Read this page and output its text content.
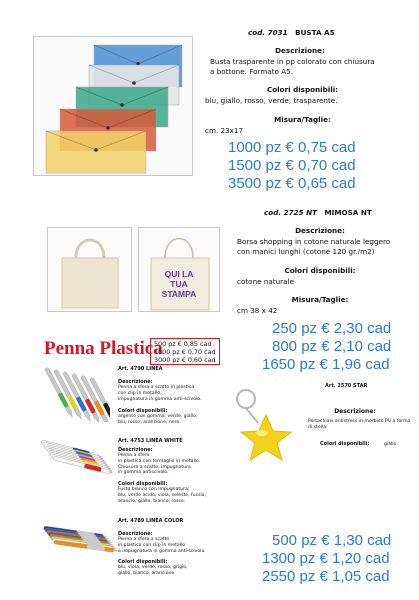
cod. 7031 BUSTA A5
Descrizione:
Busta trasparente in pp colorato con chiusura
a bottone. Formato A5.
Colori disponibili:
blu, giallo, rosso, verde, trasparente.
Misura/Taglie:
cm. 23x17
1000 pz € 0,75 cad
1500 pz € 0,70 cad
3500 pz € 0,65 cad
QUI LA
TUA
STAMPA
cod. 2725 NT MIMOSA NT
Descrizione:
Borsa shopping in cotone naturale leggero
con manici lunghi (cotone 120 gr./m2)
Colori disponibili:
cotone naturale
Misura/Taglie:
cm 38 x 42
250 pz € 2,30 cad
800 pz € 2,10 cad
1650 pz € 1,96 cad
Penna Plastica
500 pz € 0,85 cad
1000 pz € 0,70 cad
3000 pz € 0,60 cad
Art. 4790 LINEA
Descrizione:
Penna a sfera a scatto in plastica
con clip in metallo,
impugnatura in gomma anti-scivolo.
Colori disponibili:
argento con gomma: verde, giallo,
blu, rosso, arancione, nero.
Art. 4753 LINEA WHITE
Descrizione:
Penna a sfera
in plastica con fermaglio in metallo.
Chiusura a scatto, impugnatura
in gomma antiscivolo.
Colori disponibili:
Fusto bianco con impugnatura:
blu, verde acido, viola, celeste, fucsia,
arancio, giallo, bianco, rosso.
Art. 4789 LINEA COLOR
Descrizione:
Penna a sfera a scatto
in plastica con clip in metallo
e impugnatura in gomma anti-scivolo.
Colori disponibili:
blu, viola, verde, rosso, grigio,
giallo, bianco, arancione
Art. 2570 STAR
Descrizione:
Portachiavi antistress in morbido PU a forma
di stella.
Colori disponibili:	giallo
500 pz € 1,30 cad
1300 pz € 1,20 cad
2550 pz € 1,05 cad
